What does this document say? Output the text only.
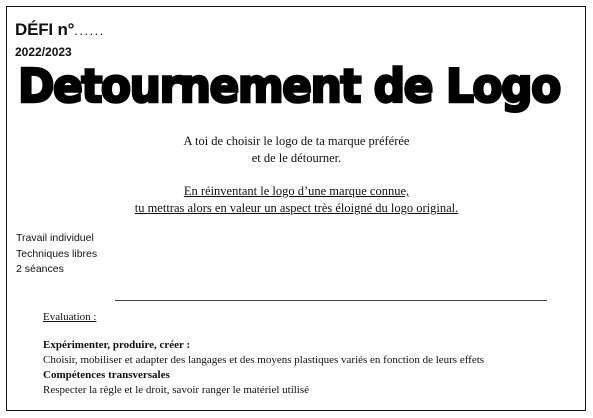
DÉFI n°......
2022/2023
Detournement de Logo
A toi de choisir le logo de ta marque préférée
et de le détourner.
En réinventant le logo d’une marque connue,
tu mettras alors en valeur un aspect très éloigné du logo original.
Travail individuel
Techniques libres
2 séances
Evaluation :
Expérimenter, produire, créer :
Choisir, mobiliser et adapter des langages et des moyens plastiques variés en fonction de leurs effets
Compétences transversales
Respecter la règle et le droit, savoir ranger le matériel utilisé
